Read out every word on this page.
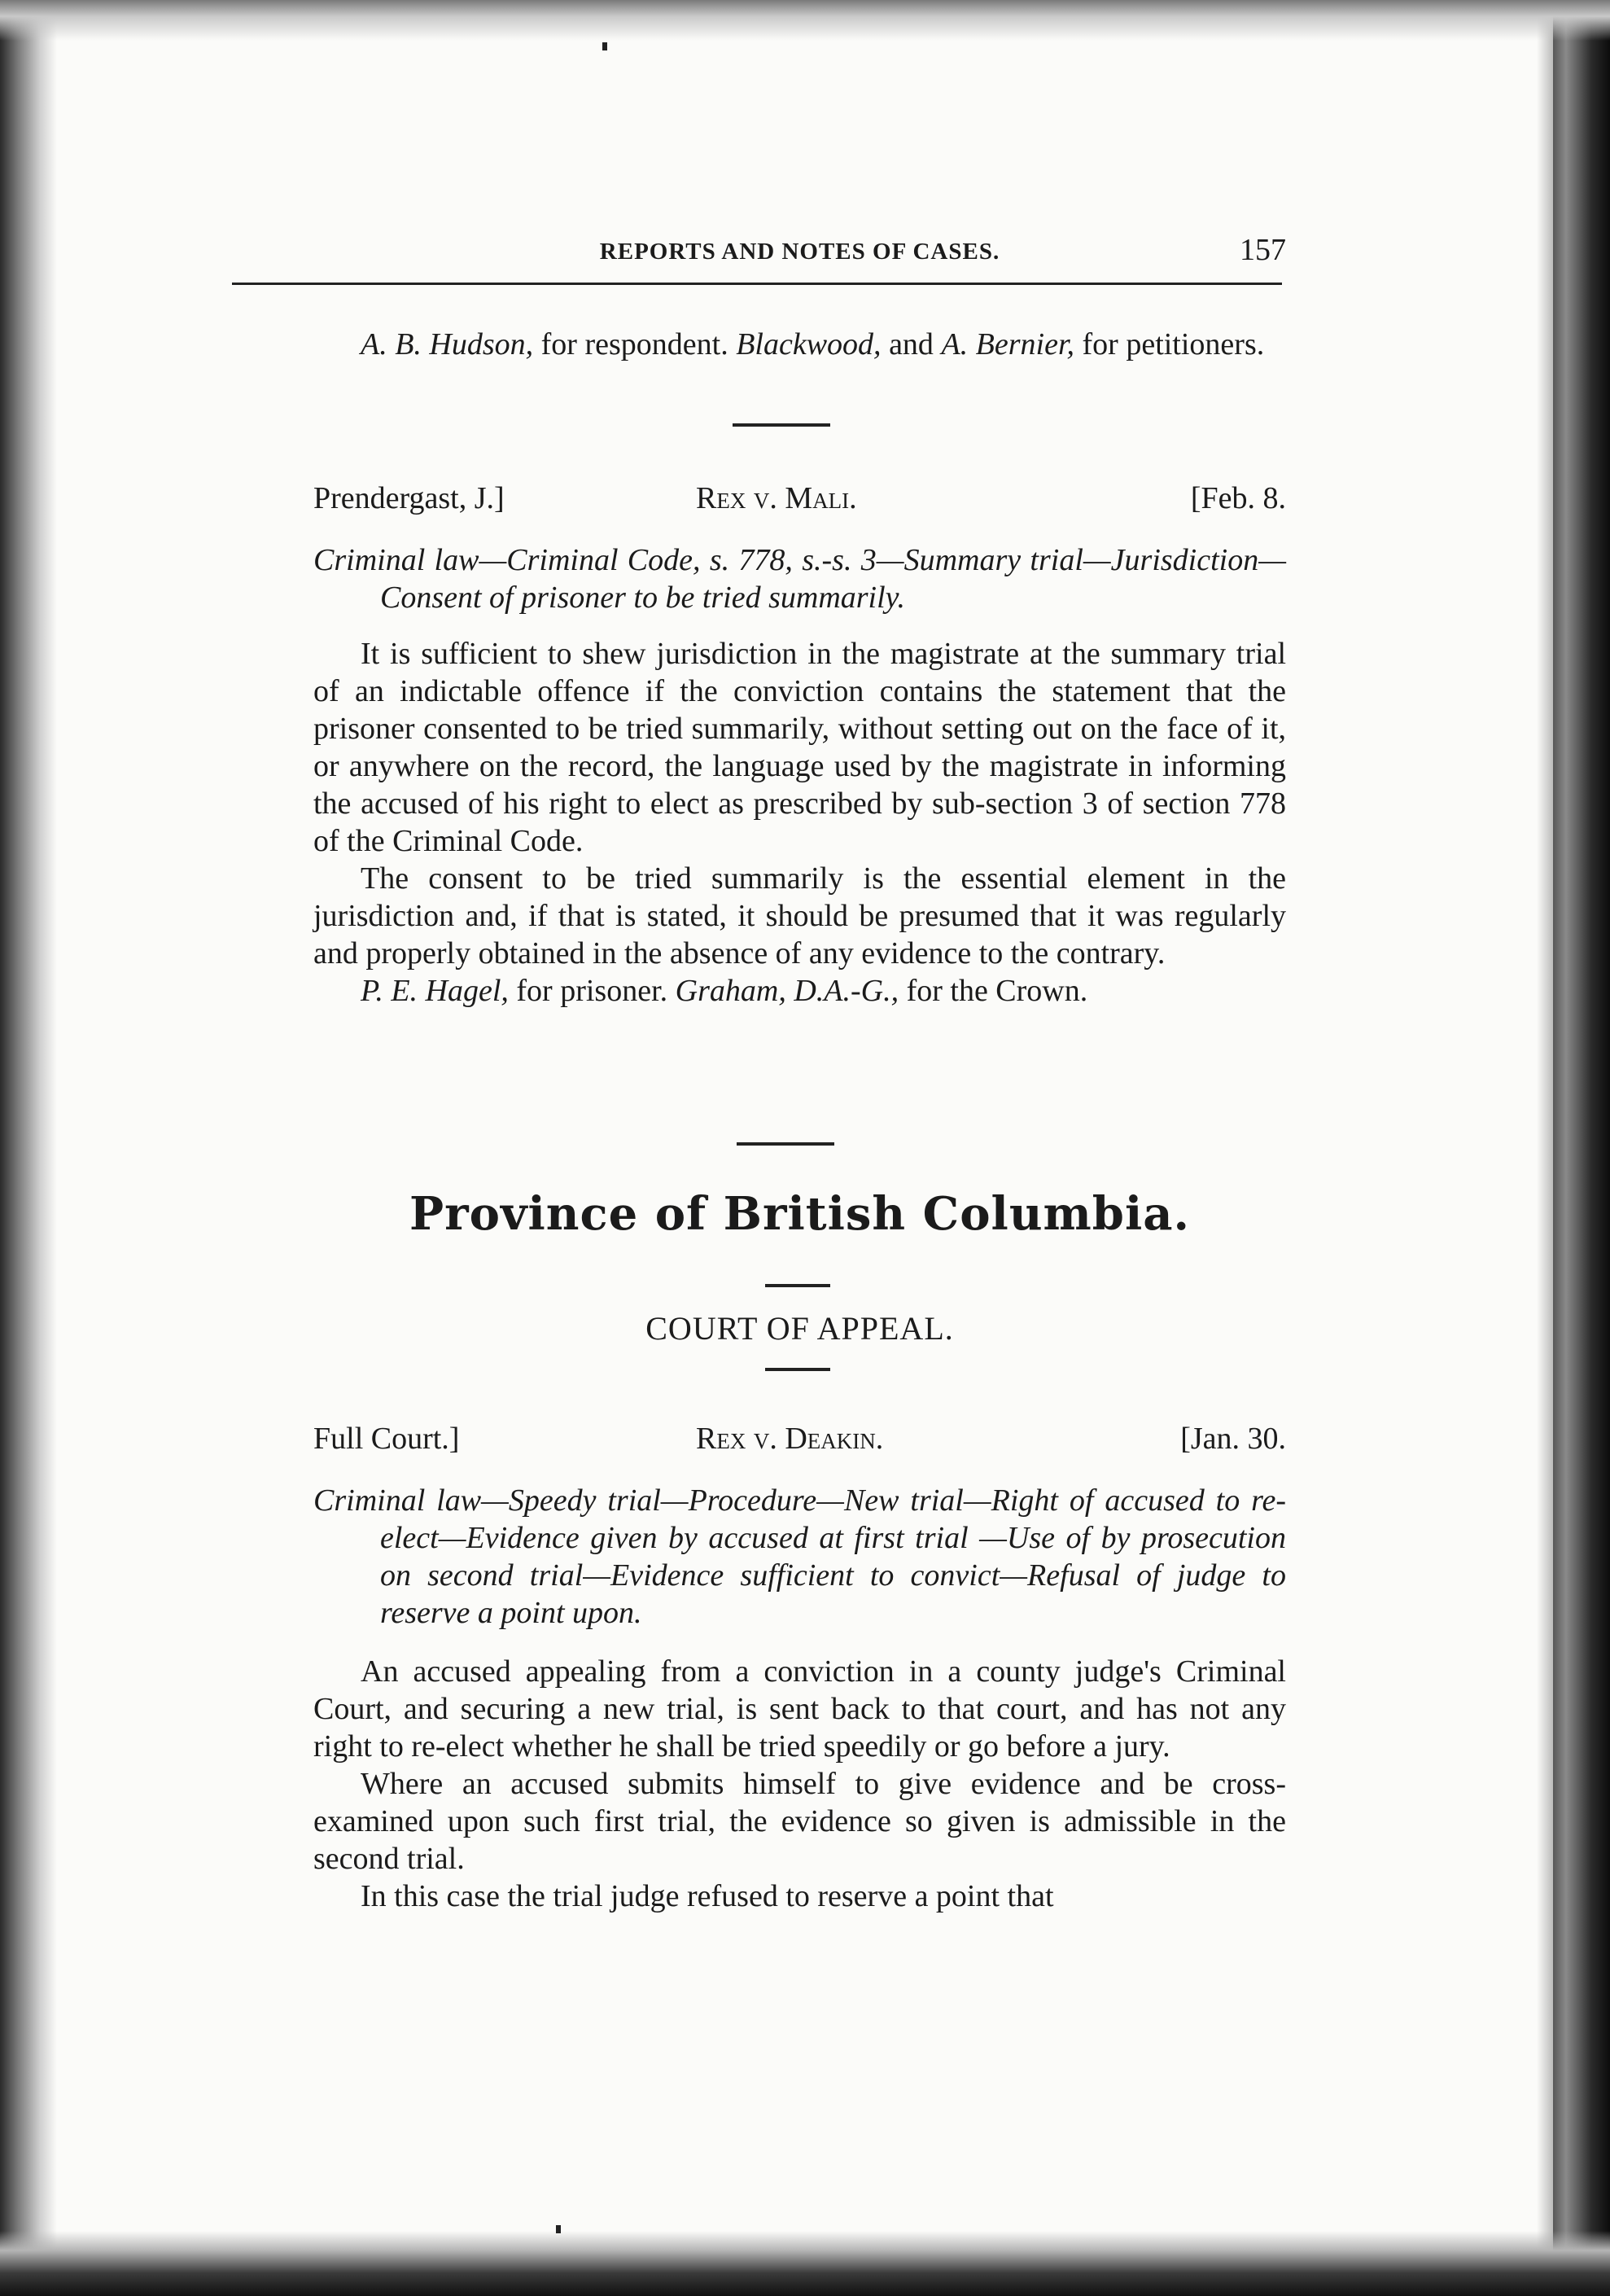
REPORTS AND NOTES OF CASES.	157

A. B. Hudson, for respondent. Blackwood, and A. Bernier, for petitioners.

Prendergast, J.]	Rex v. Mali.	[Feb. 8.
Criminal law—Criminal Code, s. 778, s.-s. 3—Summary trial—Jurisdiction—Consent of prisoner to be tried summarily.

It is sufficient to shew jurisdiction in the magistrate at the summary trial of an indictable offence if the conviction contains the statement that the prisoner consented to be tried summarily, without setting out on the face of it, or anywhere on the record, the language used by the magistrate in informing the accused of his right to elect as prescribed by sub-section 3 of section 778 of the Criminal Code.

The consent to be tried summarily is the essential element in the jurisdiction and, if that is stated, it should be presumed that it was regularly and properly obtained in the absence of any evidence to the contrary.

P. E. Hagel, for prisoner. Graham, D.A.-G., for the Crown.

Province of British Columbia.
COURT OF APPEAL.
Full Court.]	Rex v. Deakin.	[Jan. 30.
Criminal law—Speedy trial—Procedure—New trial—Right of accused to re-elect—Evidence given by accused at first trial —Use of by prosecution on second trial—Evidence sufficient to convict—Refusal of judge to reserve a point upon.

An accused appealing from a conviction in a county judge's Criminal Court, and securing a new trial, is sent back to that court, and has not any right to re-elect whether he shall be tried speedily or go before a jury.

Where an accused submits himself to give evidence and be cross-examined upon such first trial, the evidence so given is admissible in the second trial.

In this case the trial judge refused to reserve a point that
